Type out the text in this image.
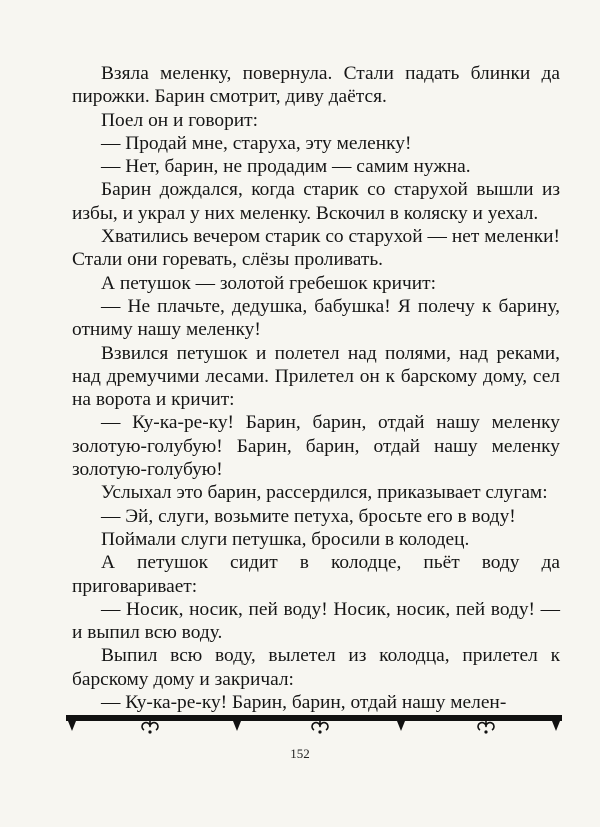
Взяла меленку, повернула. Стали падать блинки да пирожки. Барин смотрит, диву даётся.

Поел он и говорит:

— Продай мне, старуха, эту меленку!

— Нет, барин, не продадим — самим нужна.

Барин дождался, когда старик со старухой вышли из избы, и украл у них меленку. Вскочил в коляску и уехал.

Хватились вечером старик со старухой — нет меленки! Стали они горевать, слёзы проливать.

А петушок — золотой гребешок кричит:

— Не плачьте, дедушка, бабушка! Я полечу к барину, отниму нашу меленку!

Взвился петушок и полетел над полями, над реками, над дремучими лесами. Прилетел он к барскому дому, сел на ворота и кричит:

— Ку-ка-ре-ку! Барин, барин, отдай нашу меленку золотую-голубую! Барин, барин, отдай нашу меленку золотую-голубую!

Услыхал это барин, рассердился, приказывает слугам:

— Эй, слуги, возьмите петуха, бросьте его в воду!

Поймали слуги петушка, бросили в колодец.

А петушок сидит в колодце, пьёт воду да приговаривает:

— Носик, носик, пей воду! Носик, носик, пей воду! — и выпил всю воду.

Выпил всю воду, вылетел из колодца, прилетел к барскому дому и закричал:

— Ку-ка-ре-ку! Барин, барин, отдай нашу мелен-

152
